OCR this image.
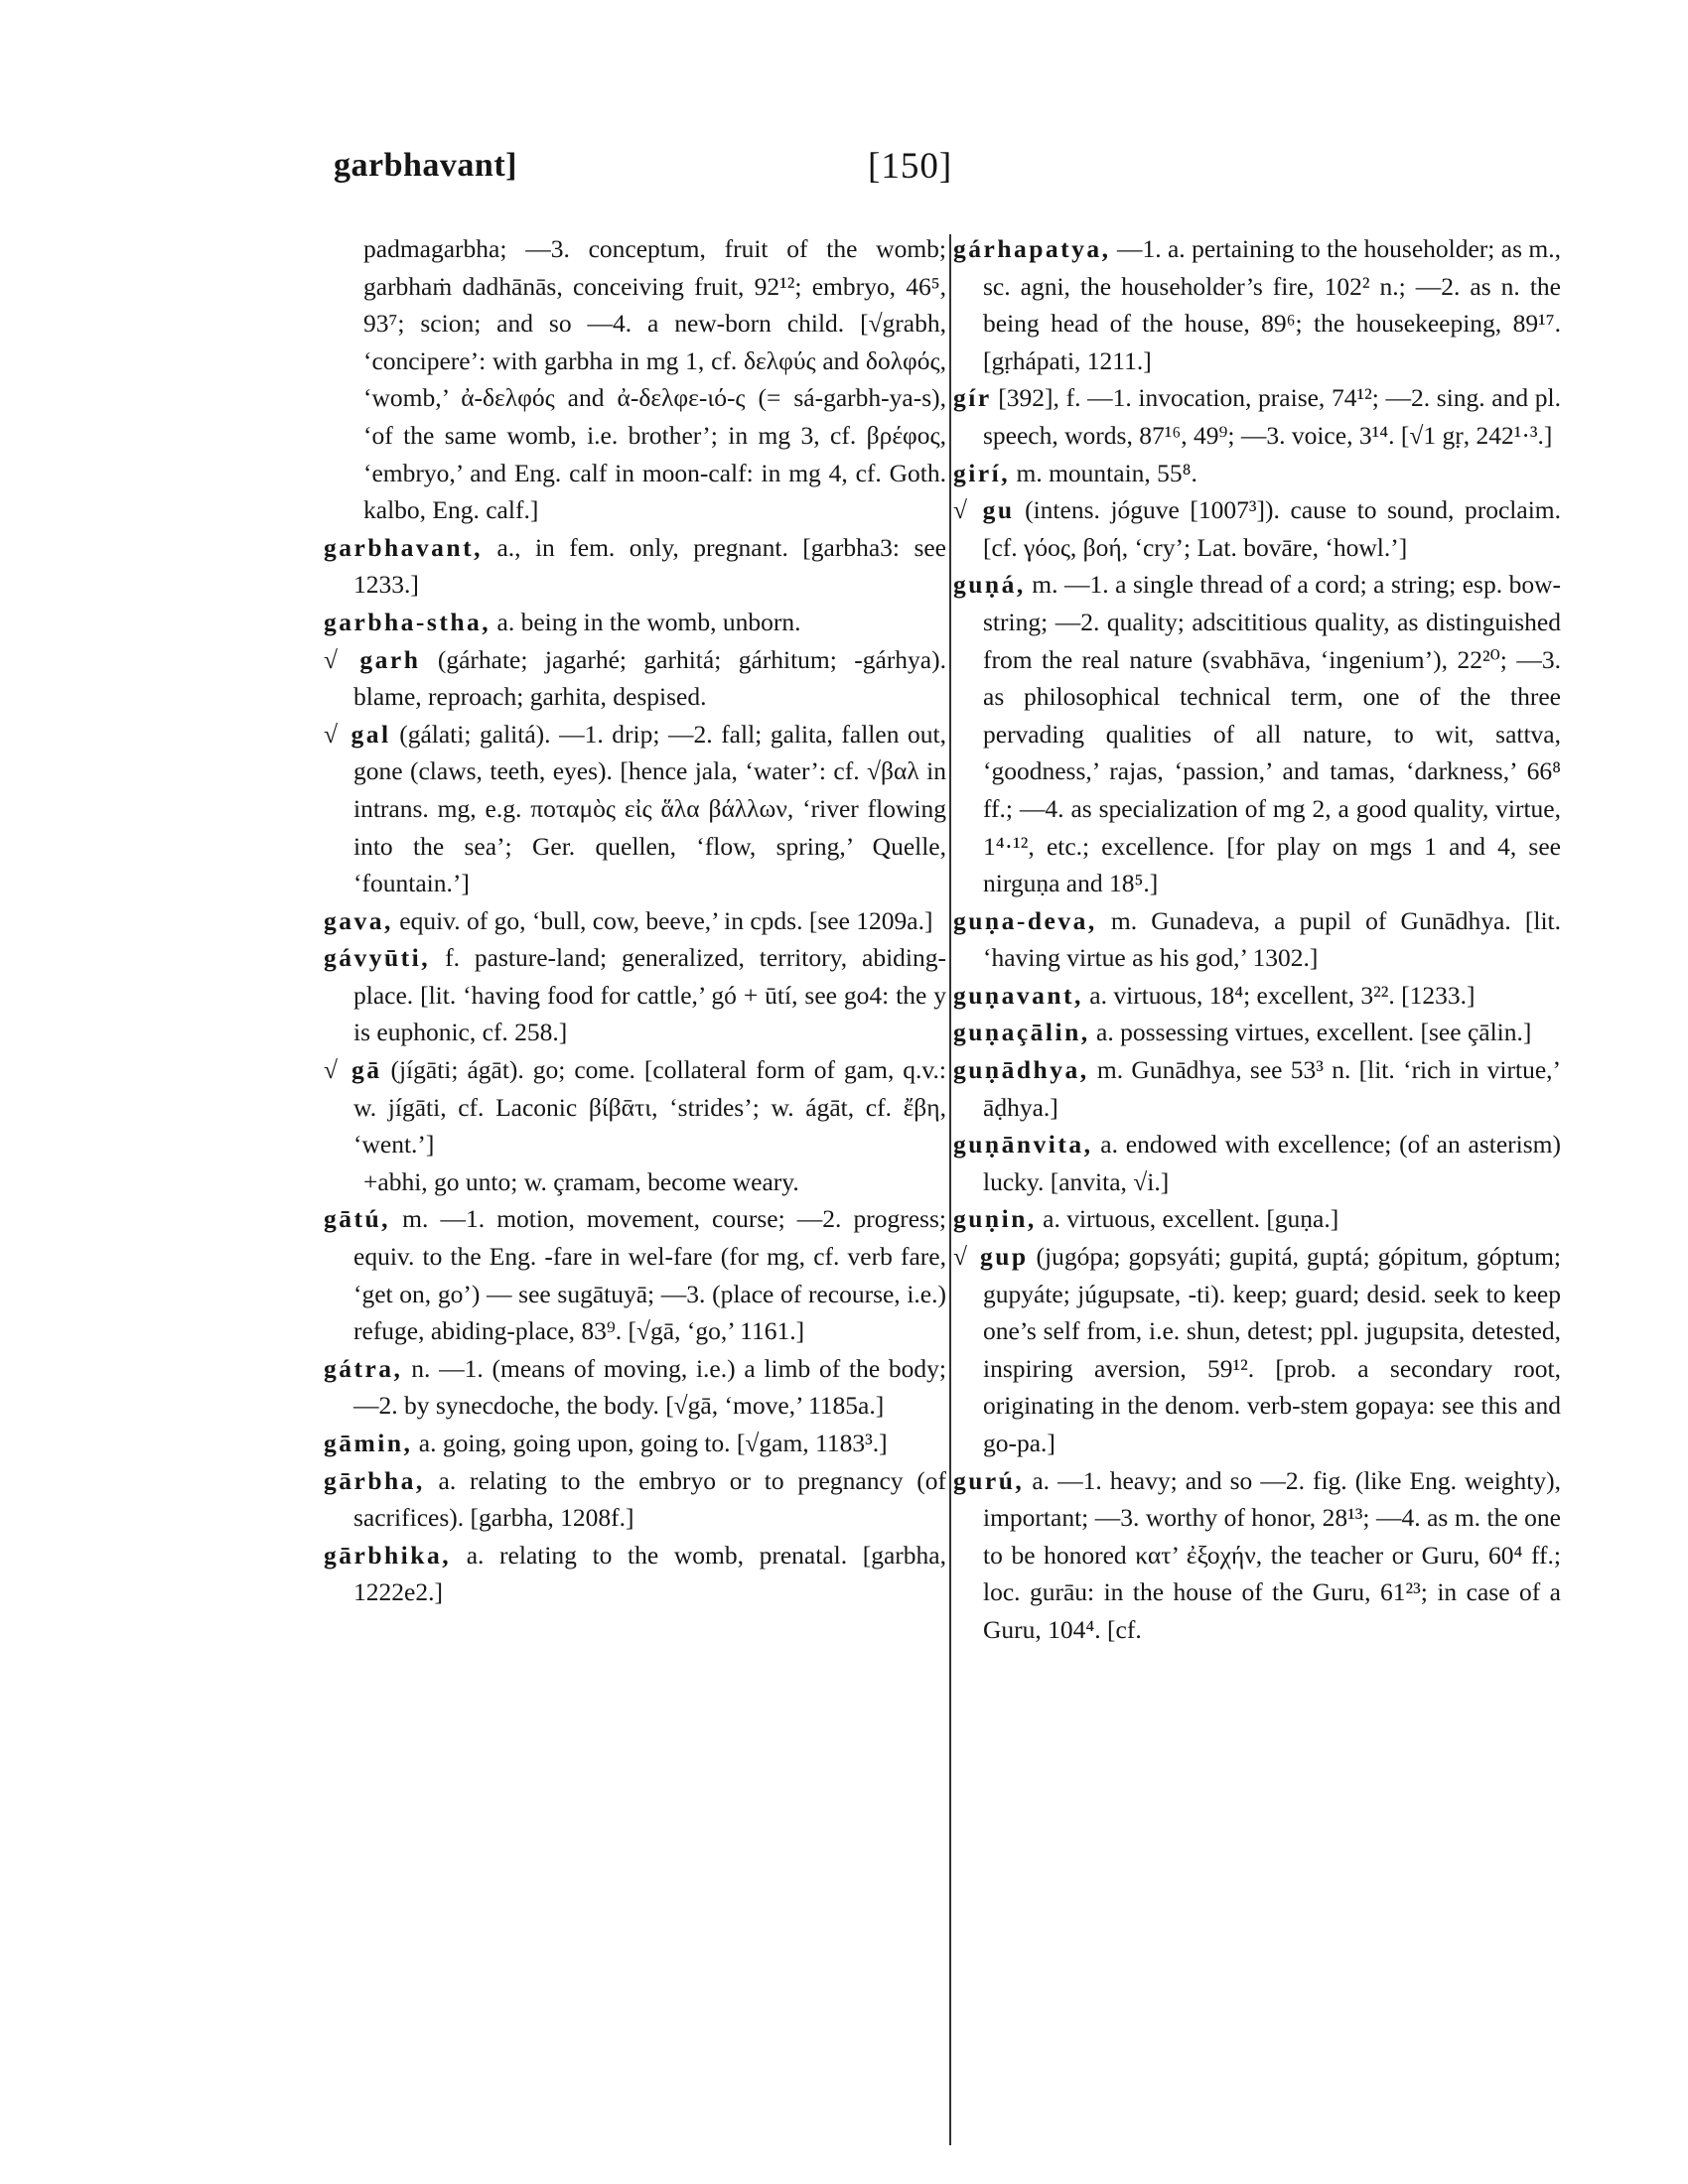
garbhavant]	[150]

padmagarbha; —3. conceptum, fruit of the womb; garbhaṁ dadhānās, conceiving fruit, 92¹²; embryo, 46⁵, 93⁷; scion; and so —4. a new-born child. [√grabh, ‘concipere’: with garbha in mg 1, cf. δελφύς and δολφός, ‘womb,’ ἀ-δελφός and ἀ-δελφε-ιό-ς (= sá-garbh-ya-s), ‘of the same womb, i.e. brother’; in mg 3, cf. βρέφος, ‘embryo,’ and Eng. calf in moon-calf: in mg 4, cf. Goth. kalbo, Eng. calf.]

garbhavant, a., in fem. only, pregnant. [garbha3: see 1233.]

garbha-stha, a. being in the womb, unborn.

√ garh (gárhate; jagarhé; garhitá; gárhitum; -gárhya). blame, reproach; garhita, despised.

√ gal (gálati; galitá). —1. drip; —2. fall; galita, fallen out, gone (claws, teeth, eyes). [hence jala, ‘water’: cf. √βαλ in intrans. mg, e.g. ποταμὸς εἰς ἅλα βάλλων, ‘river flowing into the sea’; Ger. quellen, ‘flow, spring,’ Quelle, ‘fountain.’]

gava, equiv. of go, ‘bull, cow, beeve,’ in cpds. [see 1209a.]

gávyūti, f. pasture-land; generalized, territory, abiding-place. [lit. ‘having food for cattle,’ gó + ūtí, see go4: the y is euphonic, cf. 258.]

√ gā (jígāti; ágāt). go; come. [collateral form of gam, q.v.: w. jígāti, cf. Laconic βίβᾱτι, ‘strides’; w. ágāt, cf. ἔβη, ‘went.’]

+abhi, go unto; w. çramam, become weary.

gātú, m. —1. motion, movement, course; —2. progress; equiv. to the Eng. -fare in wel-fare (for mg, cf. verb fare, ‘get on, go’) — see sugātuyā; —3. (place of recourse, i.e.) refuge, abiding-place, 83⁹. [√gā, ‘go,’ 1161.]

gátra, n. —1. (means of moving, i.e.) a limb of the body; —2. by synecdoche, the body. [√gā, ‘move,’ 1185a.]

gāmin, a. going, going upon, going to. [√gam, 1183³.]

gārbha, a. relating to the embryo or to pregnancy (of sacrifices). [garbha, 1208f.]

gārbhika, a. relating to the womb, prenatal. [garbha, 1222e2.]

gárhapatya, —1. a. pertaining to the householder; as m., sc. agni, the householder’s fire, 102² n.; —2. as n. the being head of the house, 89⁶; the housekeeping, 89¹⁷. [gṛhápati, 1211.]

gír [392], f. —1. invocation, praise, 74¹²; —2. sing. and pl. speech, words, 87¹⁶, 49⁹; —3. voice, 3¹⁴. [√1 gṛ, 242¹·³.]

girí, m. mountain, 55⁸.

√ gu (intens. jóguve [1007³]). cause to sound, proclaim. [cf. γόος, βοή, ‘cry’; Lat. bovāre, ‘howl.’]

guṇá, m. —1. a single thread of a cord; a string; esp. bow-string; —2. quality; adscititious quality, as distinguished from the real nature (svabhāva, ‘ingenium’), 22²⁰; —3. as philosophical technical term, one of the three pervading qualities of all nature, to wit, sattva, ‘goodness,’ rajas, ‘passion,’ and tamas, ‘darkness,’ 66⁸ ff.; —4. as specialization of mg 2, a good quality, virtue, 1⁴·¹², etc.; excellence. [for play on mgs 1 and 4, see nirguṇa and 18⁵.]

guṇa-deva, m. Gunadeva, a pupil of Gunādhya. [lit. ‘having virtue as his god,’ 1302.]

guṇavant, a. virtuous, 18⁴; excellent, 3²². [1233.]

guṇaçālin, a. possessing virtues, excellent. [see çālin.]

guṇādhya, m. Gunādhya, see 53³ n. [lit. ‘rich in virtue,’ āḍhya.]

guṇānvita, a. endowed with excellence; (of an asterism) lucky. [anvita, √i.]

guṇin, a. virtuous, excellent. [guṇa.]

√ gup (jugópa; gopsyáti; gupitá, guptá; gópitum, góptum; gupyáte; júgupsate, -ti). keep; guard; desid. seek to keep one’s self from, i.e. shun, detest; ppl. jugupsita, detested, inspiring aversion, 59¹². [prob. a secondary root, originating in the denom. verb-stem gopaya: see this and go-pa.]

gurú, a. —1. heavy; and so —2. fig. (like Eng. weighty), important; —3. worthy of honor, 28¹³; —4. as m. the one to be honored κατ’ ἐξοχήν, the teacher or Guru, 60⁴ ff.; loc. gurāu: in the house of the Guru, 61²³; in case of a Guru, 104⁴. [cf.
